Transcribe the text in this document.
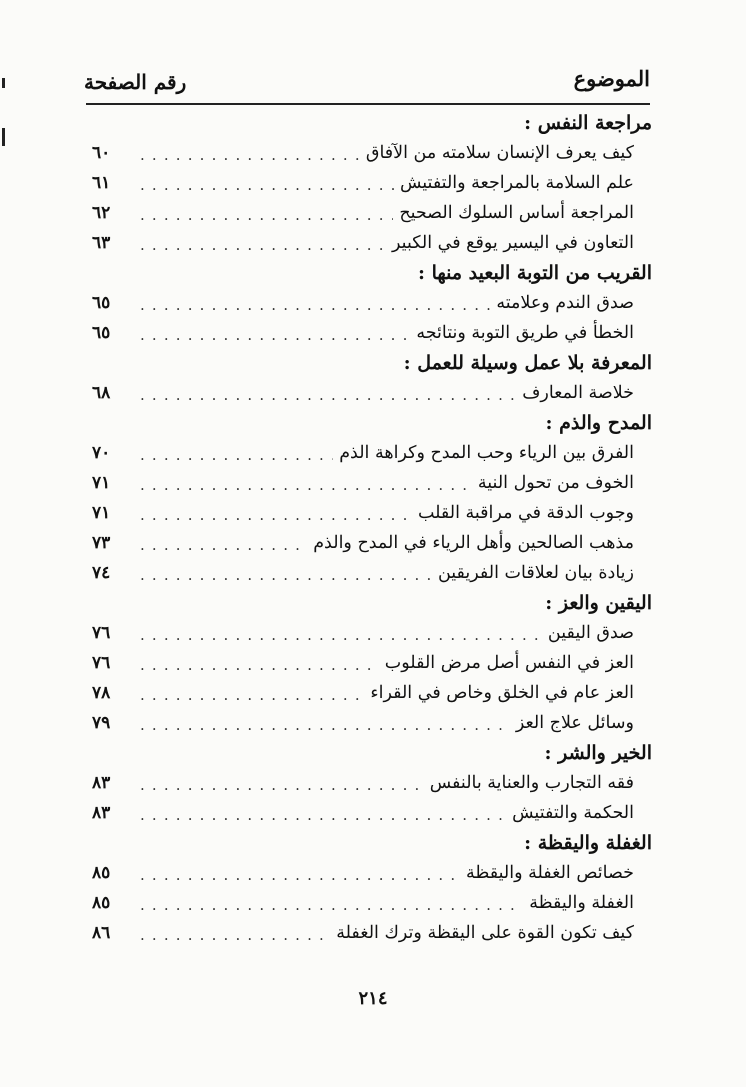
الموضوع
رقم الصفحة
مراجعة النفس :
كيف يعرف الإنسان سلامته من الآفاق
. . .
٦٠
علم السلامة بالمراجعة والتفتيش
. . .
٦١
المراجعة أساس السلوك الصحيح
. . .
٦٢
التعاون في اليسير يوقع في الكبير
. . .
٦٣
القريب من التوبة البعيد منها :
صدق الندم وعلامته
. . .
٦٥
الخطأ في طريق التوبة ونتائجه
. . .
٦٥
المعرفة بلا عمل وسيلة للعمل :
خلاصة المعارف
. . .
٦٨
المدح والذم :
الفرق بين الرياء وحب المدح وكراهة الذم
. . .
٧٠
الخوف من تحول النية
. . .
٧١
وجوب الدقة في مراقبة القلب
. . .
٧١
مذهب الصالحين وأهل الرياء في المدح والذم
. . .
٧٣
زيادة بيان لعلاقات الفريقين
. . .
٧٤
اليقين والعز :
صدق اليقين
. . .
٧٦
العز في النفس أصل مرض القلوب
. . .
٧٦
العز عام في الخلق وخاص في القراء
. . .
٧٨
وسائل علاج العز
. . .
٧٩
الخير والشر :
فقه التجارب والعناية بالنفس
. . .
٨٣
الحكمة والتفتيش
. . .
٨٣
الغفلة واليقظة :
خصائص الغفلة واليقظة
. . .
٨٥
الغفلة واليقظة
. . .
٨٥
كيف تكون القوة على اليقظة وترك الغفلة
. . .
٨٦
٢١٤
